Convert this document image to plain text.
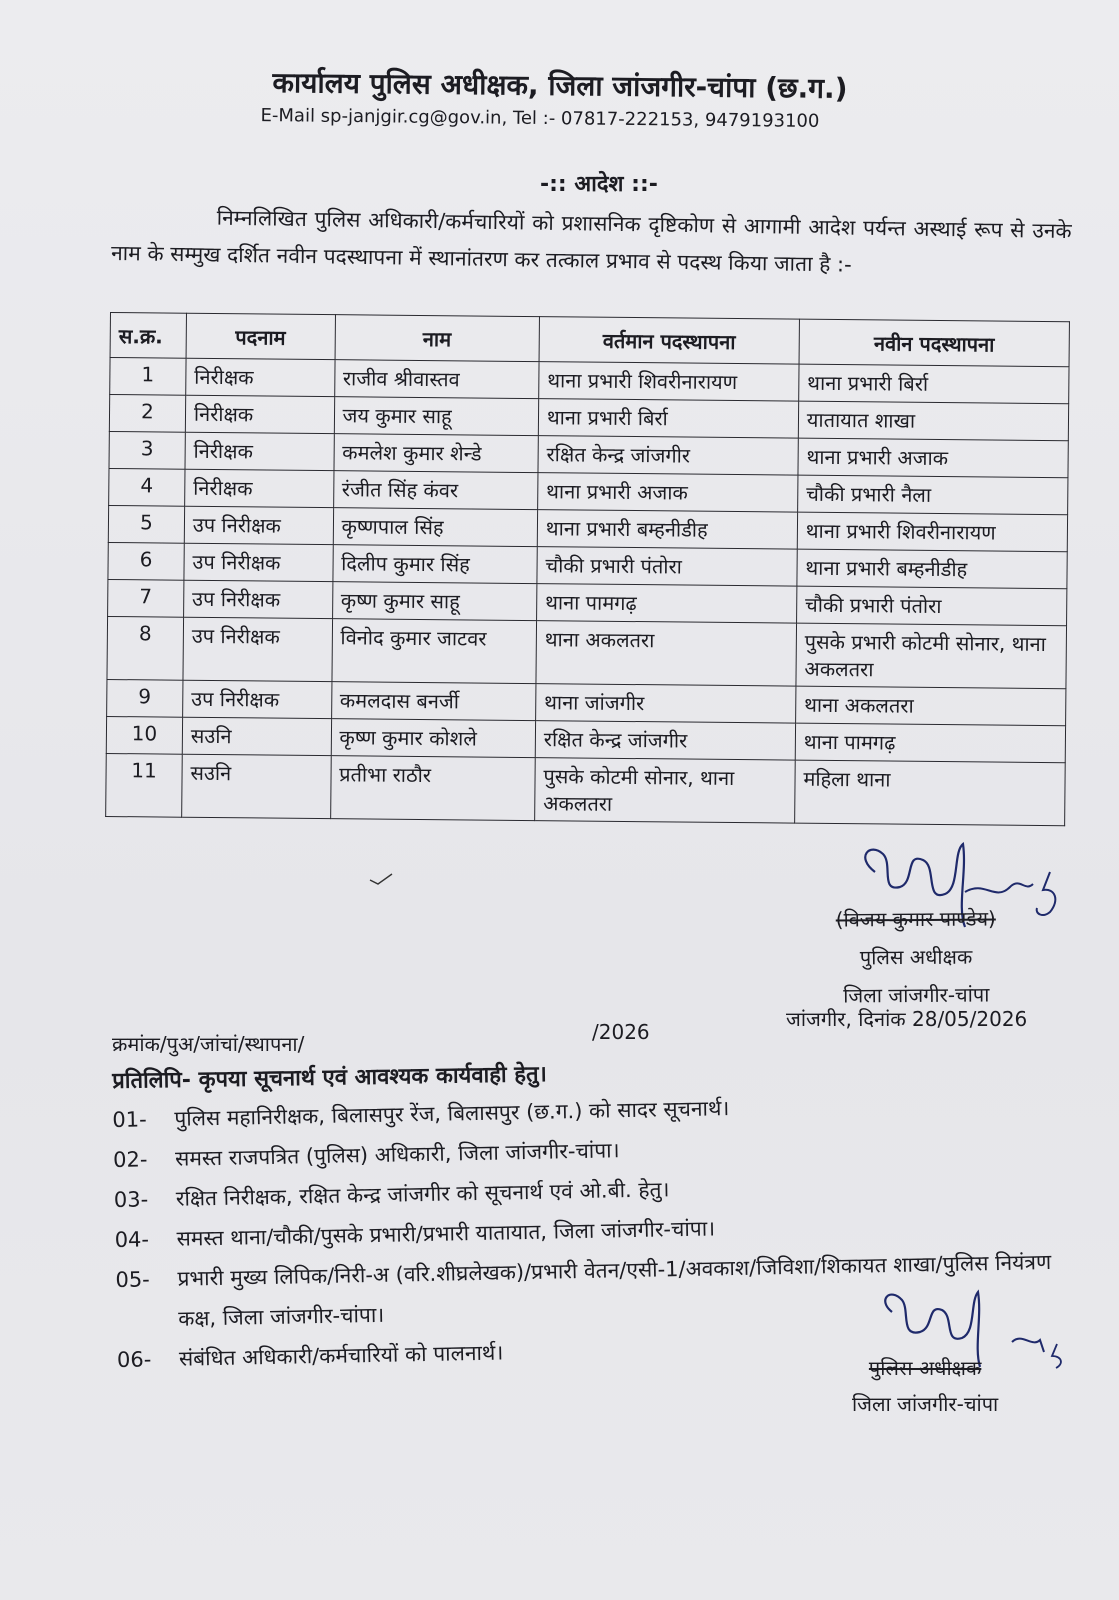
कार्यालय पुलिस अधीक्षक, जिला जांजगीर-चांपा (छ.ग.)
E-Mail sp-janjgir.cg@gov.in, Tel :- 07817-222153, 9479193100
-:: आदेश ::-
निम्नलिखित पुलिस अधिकारी/कर्मचारियों को प्रशासनिक दृष्टिकोण से आगामी आदेश पर्यन्त अस्थाई रूप से उनके नाम के सम्मुख दर्शित नवीन पदस्थापना में स्थानांतरण कर तत्काल प्रभाव से पदस्थ किया जाता है :-
स.क्र.	पदनाम	नाम	वर्तमान पदस्थापना	नवीन पदस्थापना
1	निरीक्षक	राजीव श्रीवास्तव	थाना प्रभारी शिवरीनारायण	थाना प्रभारी बिर्रा
2	निरीक्षक	जय कुमार साहू	थाना प्रभारी बिर्रा	यातायात शाखा
3	निरीक्षक	कमलेश कुमार शेन्डे	रक्षित केन्द्र जांजगीर	थाना प्रभारी अजाक
4	निरीक्षक	रंजीत सिंह कंवर	थाना प्रभारी अजाक	चौकी प्रभारी नैला
5	उप निरीक्षक	कृष्णपाल सिंह	थाना प्रभारी बम्हनीडीह	थाना प्रभारी शिवरीनारायण
6	उप निरीक्षक	दिलीप कुमार सिंह	चौकी प्रभारी पंतोरा	थाना प्रभारी बम्हनीडीह
7	उप निरीक्षक	कृष्ण कुमार साहू	थाना पामगढ़	चौकी प्रभारी पंतोरा
8	उप निरीक्षक	विनोद कुमार जाटवर	थाना अकलतरा	पुसके प्रभारी कोटमी सोनार, थाना अकलतरा
9	उप निरीक्षक	कमलदास बनर्जी	थाना जांजगीर	थाना अकलतरा
10	सउनि	कृष्ण कुमार कोशले	रक्षित केन्द्र जांजगीर	थाना पामगढ़
11	सउनि	प्रतीभा राठौर	पुसके कोटमी सोनार, थाना अकलतरा	महिला थाना
(विजय कुमार पाण्डेय)
पुलिस अधीक्षक
जिला जांजगीर-चांपा
जांजगीर, दिनांक 28/05/2026
क्रमांक/पुअ/जांचां/स्थापना/	/2026
प्रतिलिपि- कृपया सूचनार्थ एवं आवश्यक कार्यवाही हेतु।
01-	पुलिस महानिरीक्षक, बिलासपुर रेंज, बिलासपुर (छ.ग.) को सादर सूचनार्थ।
02-	समस्त राजपत्रित (पुलिस) अधिकारी, जिला जांजगीर-चांपा।
03-	रक्षित निरीक्षक, रक्षित केन्द्र जांजगीर को सूचनार्थ एवं ओ.बी. हेतु।
04-	समस्त थाना/चौकी/पुसके प्रभारी/प्रभारी यातायात, जिला जांजगीर-चांपा।
05-	प्रभारी मुख्य लिपिक/निरी-अ (वरि.शीघ्रलेखक)/प्रभारी वेतन/एसी-1/अवकाश/जिविशा/शिकायत शाखा/पुलिस नियंत्रण कक्ष, जिला जांजगीर-चांपा।
06-	संबंधित अधिकारी/कर्मचारियों को पालनार्थ।	पुलिस अधीक्षक
जिला जांजगीर-चांपा
